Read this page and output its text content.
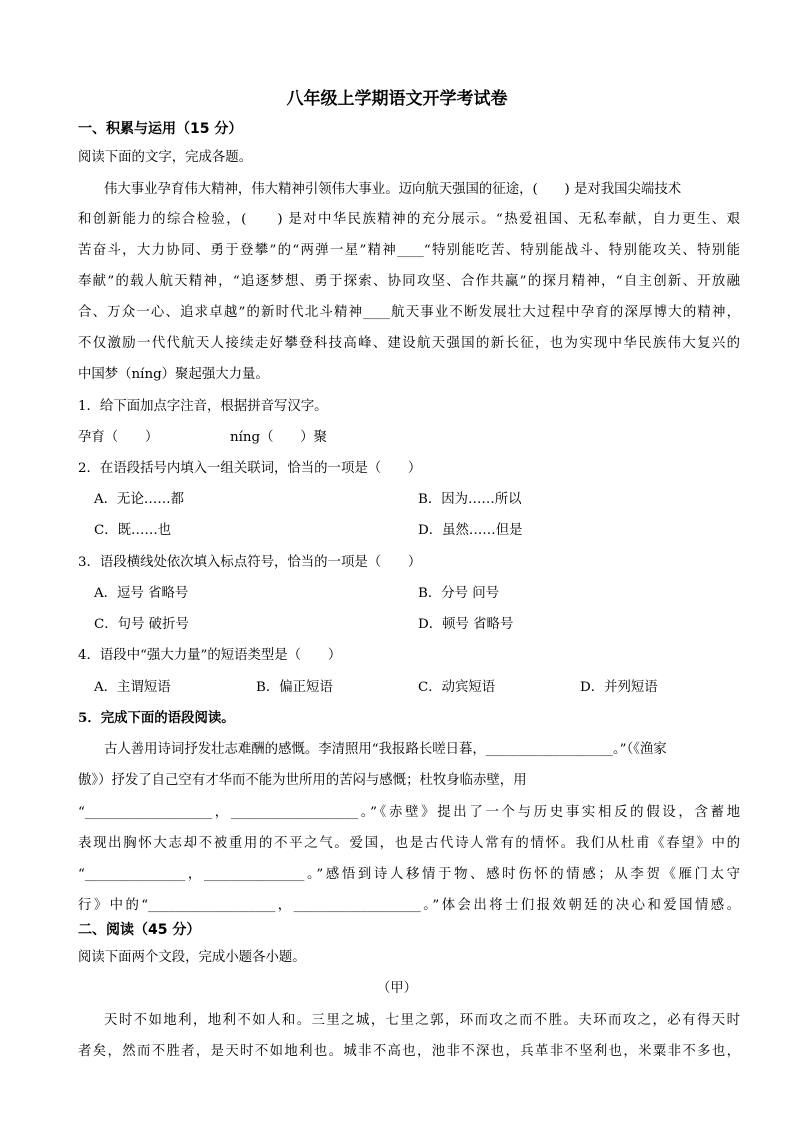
八年级上学期语文开学考试卷
一、积累与运用（15 分）
阅读下面的文字，完成各题。
伟大事业孕育伟大精神，伟大精神引领伟大事业。迈向航天强国的征途，(　　) 是对我国尖端技术
和创新能力的综合检验，(　　) 是对中华民族精神的充分展示。“热爱祖国、无私奉献，自力更生、艰
苦奋斗，大力协同、勇于登攀”的“两弹一星”精神____“特别能吃苦、特别能战斗、特别能攻关、特别能
奉献”的载人航天精神，“追逐梦想、勇于探索、协同攻坚、合作共赢”的探月精神，“自主创新、开放融
合、万众一心、追求卓越”的新时代北斗精神____航天事业不断发展壮大过程中孕育的深厚博大的精神，
不仅激励一代代航天人接续走好攀登科技高峰、建设航天强国的新长征，也为实现中华民族伟大复兴的
中国梦（níng）聚起强大力量。
1．给下面加点字注音，根据拼音写汉字。
孕育（　　）	níng（　　）聚
2．在语段括号内填入一组关联词，恰当的一项是（　　）
A．无论……都	B．因为……所以
C．既……也	D．虽然……但是
3．语段横线处依次填入标点符号，恰当的一项是（　　）
A．逗号 省略号	B．分号 问号
C．句号 破折号	D．顿号 省略号
4．语段中“强大力量”的短语类型是（　　）
A．主谓短语	B．偏正短语	C．动宾短语	D．并列短语
5．完成下面的语段阅读。
古人善用诗词抒发壮志难酬的感慨。李清照用“我报路长嗟日暮，___________________。”（《渔家
傲》）抒发了自己空有才华而不能为世所用的苦闷与感慨；杜牧身临赤壁，用
“___________________，___________________。”《赤壁》提出了一个与历史事实相反的假设，含蓄地
表现出胸怀大志却不被重用的不平之气。爱国，也是古代诗人常有的情怀。我们从杜甫《春望》中的
“_______________，_______________。”感悟到诗人移情于物、感时伤怀的情感；从李贺《雁门太守
行》中的“___________________，___________________。”体会出将士们报效朝廷的决心和爱国情感。
二、阅读（45 分）
阅读下面两个文段，完成小题各小题。
（甲）
天时不如地利，地利不如人和。三里之城，七里之郭，环而攻之而不胜。夫环而攻之，必有得天时
者矣，然而不胜者，是天时不如地利也。城非不高也，池非不深也，兵革非不坚利也，米粟非不多也，
